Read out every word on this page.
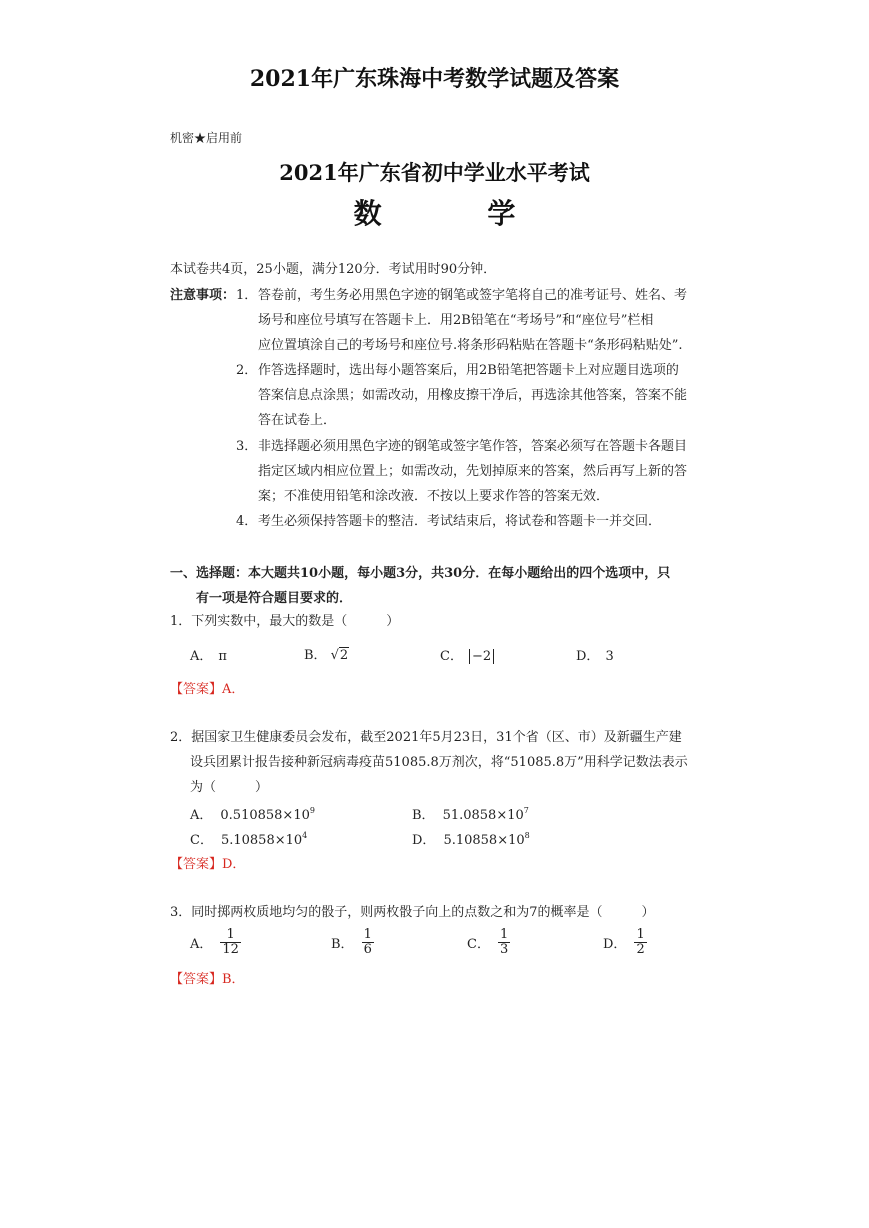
2021年广东珠海中考数学试题及答案
机密★启用前
2021年广东省初中学业水平考试
数 学
本试卷共4页，25小题，满分120分．考试用时90分钟．
注意事项： 1． 答卷前，考生务必用黑色字迹的钢笔或签字笔将自己的准考证号、姓名、考
场号和座位号填写在答题卡上．用2B铅笔在“考场号”和“座位号”栏相
应位置填涂自己的考场号和座位号.将条形码粘贴在答题卡“条形码粘贴处”.
2． 作答选择题时，选出每小题答案后，用2B铅笔把答题卡上对应题目选项的
答案信息点涂黑；如需改动，用橡皮擦干净后，再选涂其他答案，答案不能
答在试卷上．
3． 非选择题必须用黑色字迹的钢笔或签字笔作答，答案必须写在答题卡各题目
指定区域内相应位置上；如需改动，先划掉原来的答案，然后再写上新的答
案；不准使用铅笔和涂改液．不按以上要求作答的答案无效．
4． 考生必须保持答题卡的整洁．考试结束后，将试卷和答题卡一并交回．
一、选择题：本大题共10小题，每小题3分，共30分．在每小题给出的四个选项中，只
有一项是符合题目要求的．
1．下列实数中，最大的数是（　　　）
A． π	B． √2	C． −2	D． 3
【答案】A．
2．据国家卫生健康委员会发布，截至2021年5月23日，31个省（区、市）及新疆生产建
设兵团累计报告接种新冠病毒疫苗51085.8万剂次，将“51085.8万”用科学记数法表示
为（　　　）
A． $0.510858\times 10^9$	B． $51.0858\times 10^7$
C． $5.10858\times 10^4$	D． $5.10858\times 10^8$
【答案】D．
3．同时掷两枚质地均匀的骰子，则两枚骰子向上的点数之和为7的概率是（　　　）
A． $\frac{1}{12}$	B． $\frac{1}{6}$	C． $\frac{1}{3}$	D． $\frac{1}{2}$
【答案】B．
